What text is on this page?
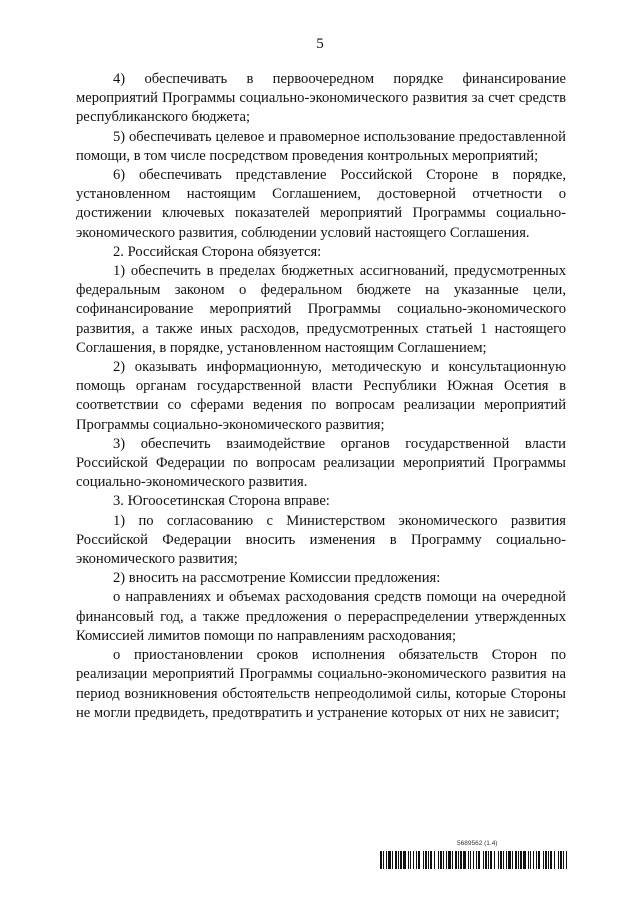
5

4) обеспечивать в первоочередном порядке финансирование мероприятий Программы социально-экономического развития за счет средств республиканского бюджета;

5) обеспечивать целевое и правомерное использование предоставленной помощи, в том числе посредством проведения контрольных мероприятий;

6) обеспечивать представление Российской Стороне в порядке, установленном настоящим Соглашением, достоверной отчетности о достижении ключевых показателей мероприятий Программы социально-экономического развития, соблюдении условий настоящего Соглашения.

2. Российская Сторона обязуется:

1) обеспечить в пределах бюджетных ассигнований, предусмотренных федеральным законом о федеральном бюджете на указанные цели, софинансирование мероприятий Программы социально-экономического развития, а также иных расходов, предусмотренных статьей 1 настоящего Соглашения, в порядке, установленном настоящим Соглашением;

2) оказывать информационную, методическую и консультационную помощь органам государственной власти Республики Южная Осетия в соответствии со сферами ведения по вопросам реализации мероприятий Программы социально-экономического развития;

3) обеспечить взаимодействие органов государственной власти Российской Федерации по вопросам реализации мероприятий Программы социально-экономического развития.

3. Югоосетинская Сторона вправе:

1) по согласованию с Министерством экономического развития Российской Федерации вносить изменения в Программу социально-экономического развития;

2) вносить на рассмотрение Комиссии предложения:

о направлениях и объемах расходования средств помощи на очередной финансовый год, а также предложения о перераспределении утвержденных Комиссией лимитов помощи по направлениям расходования;

о приостановлении сроков исполнения обязательств Сторон по реализации мероприятий Программы социально-экономического развития на период возникновения обстоятельств непреодолимой силы, которые Стороны не могли предвидеть, предотвратить и устранение которых от них не зависит;

5689562 (1.4)
